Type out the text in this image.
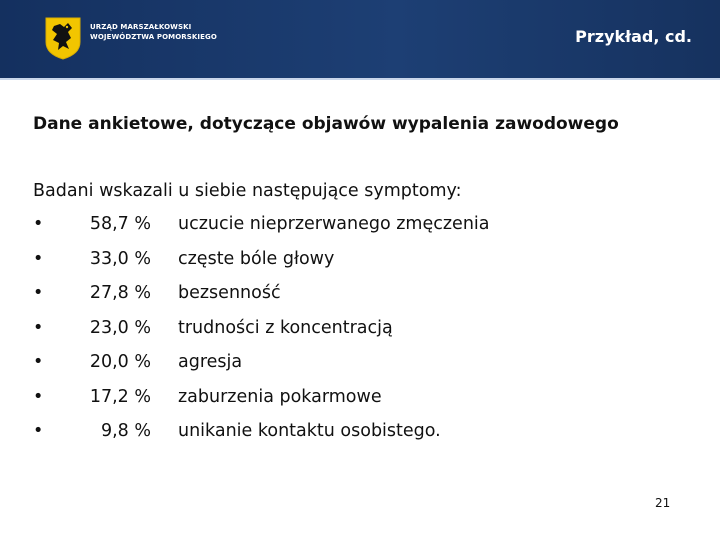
URZĄD MARSZAŁKOWSKI
WOJEWÓDZTWA POMORSKIEGO	Przykład, cd.
Dane ankietowe, dotyczące objawów wypalenia zawodowego
Badani wskazali u siebie następujące symptomy:
•	58,7 % uczucie nieprzerwanego zmęczenia
•	33,0 % częste bóle głowy
•	27,8 % bezsenność
•	23,0 % trudności z koncentracją
•	20,0 % agresja
•	17,2 % zaburzenia pokarmowe
•	9,8 % unikanie kontaktu osobistego.
21
